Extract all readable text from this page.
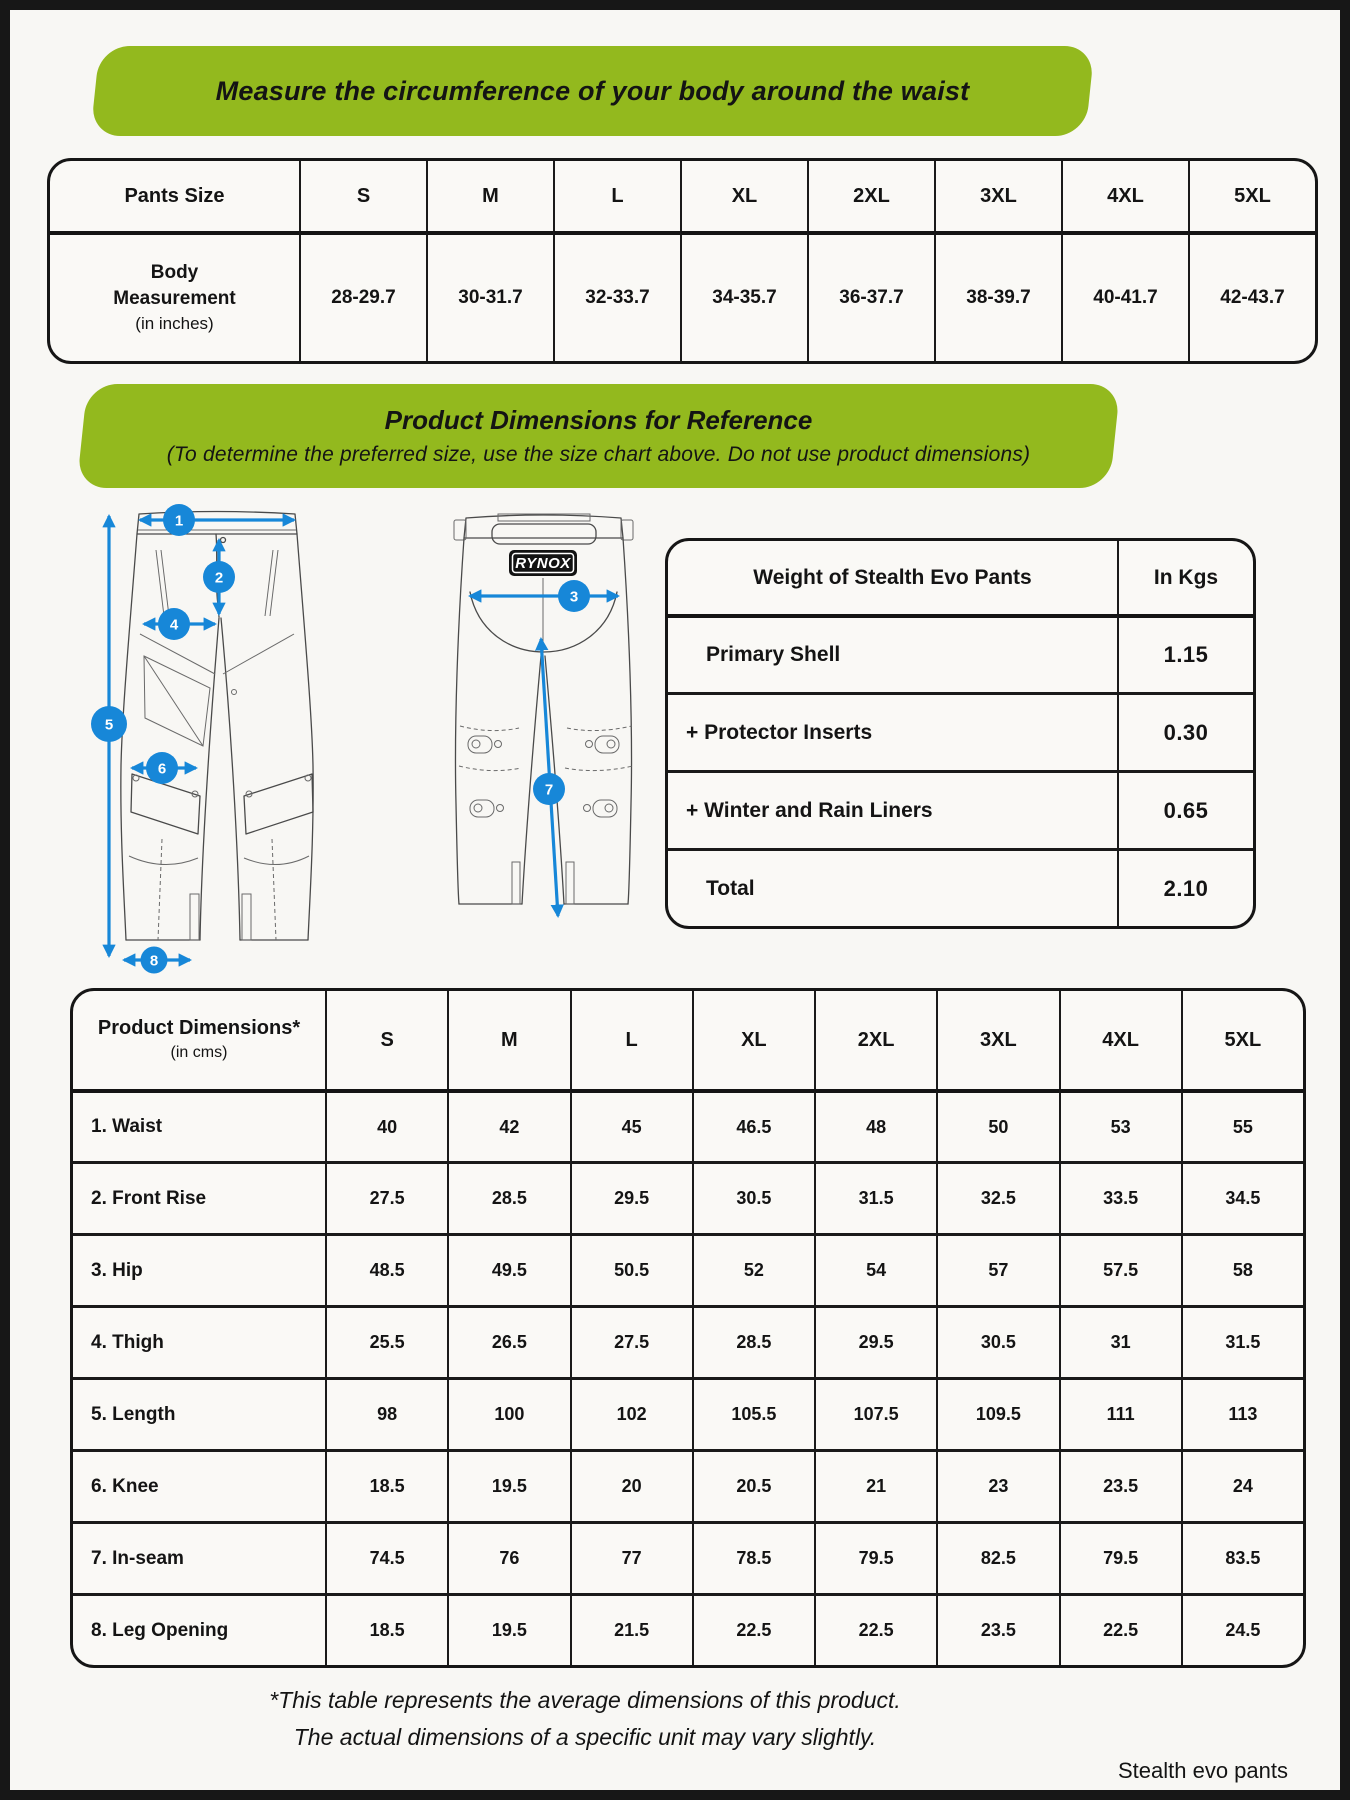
Measure the circumference of your body around the waist
Pants Size	S	M	L	XL	2XL	3XL	4XL	5XL

Body
Measurement
(in inches)	28-29.7	30-31.7	32-33.7	34-35.7	36-37.7	38-39.7	40-41.7	42-43.7
Product Dimensions for Reference
(To determine the preferred size, use the size chart above. Do not use product dimensions)
1
2
4
5
6
8
RYNOX
3
7
Weight of Stealth Evo Pants	In Kgs
Primary Shell	1.15
+ Protector Inserts	0.30
+ Winter and Rain Liners	0.65
Total	2.10
Product Dimensions*
(in cms)	S	M	L	XL	2XL	3XL	4XL	5XL
1. Waist	40	42	45	46.5	48	50	53	55
2. Front Rise	27.5	28.5	29.5	30.5	31.5	32.5	33.5	34.5
3. Hip	48.5	49.5	50.5	52	54	57	57.5	58
4. Thigh	25.5	26.5	27.5	28.5	29.5	30.5	31	31.5
5. Length	98	100	102	105.5	107.5	109.5	111	113
6. Knee	18.5	19.5	20	20.5	21	23	23.5	24
7. In-seam	74.5	76	77	78.5	79.5	82.5	79.5	83.5
8. Leg Opening	18.5	19.5	21.5	22.5	22.5	23.5	22.5	24.5
*This table represents the average dimensions of this product.
The actual dimensions of a specific unit may vary slightly.
Stealth evo pants
